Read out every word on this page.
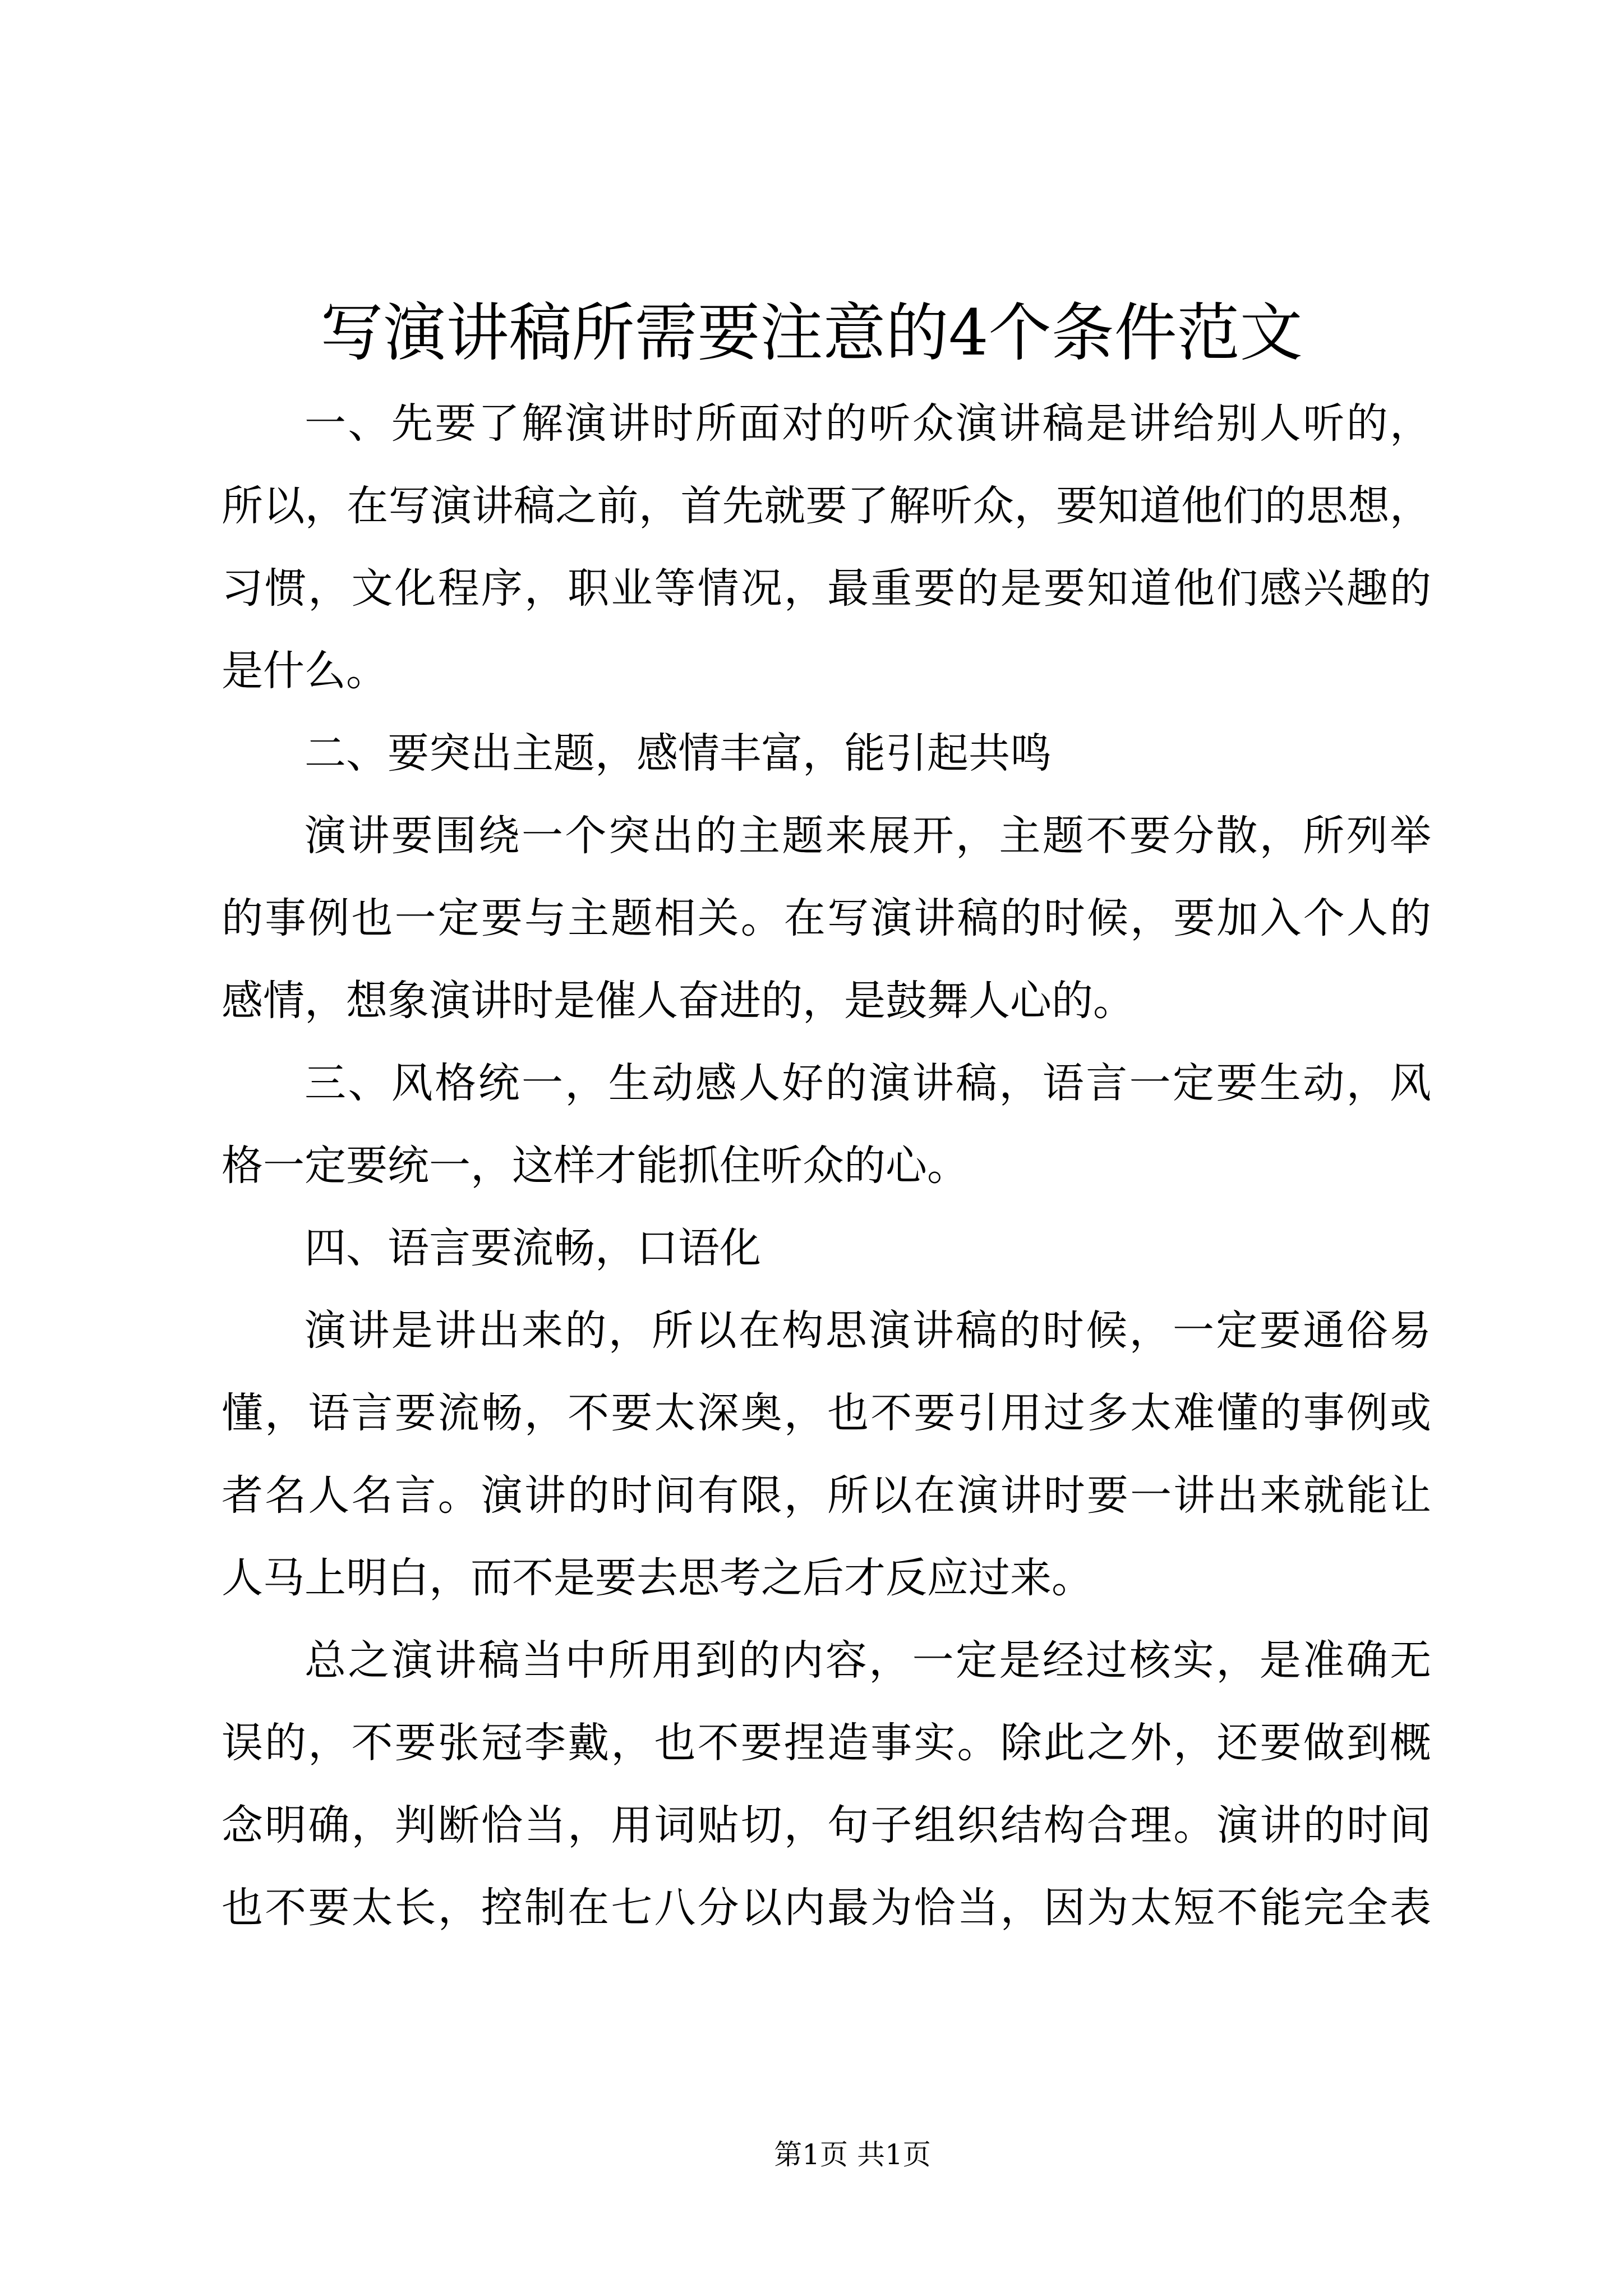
写演讲稿所需要注意的4个条件范文
一、先要了解演讲时所面对的听众演讲稿是讲给别人听的，
所以，在写演讲稿之前，首先就要了解听众，要知道他们的思想，
习惯，文化程序，职业等情况，最重要的是要知道他们感兴趣的
是什么。
二、要突出主题，感情丰富，能引起共鸣
演讲要围绕一个突出的主题来展开，主题不要分散，所列举
的事例也一定要与主题相关。在写演讲稿的时候，要加入个人的
感情，想象演讲时是催人奋进的，是鼓舞人心的。
三、风格统一，生动感人好的演讲稿，语言一定要生动，风
格一定要统一，这样才能抓住听众的心。
四、语言要流畅，口语化
演讲是讲出来的，所以在构思演讲稿的时候，一定要通俗易
懂，语言要流畅，不要太深奥，也不要引用过多太难懂的事例或
者名人名言。演讲的时间有限，所以在演讲时要一讲出来就能让
人马上明白，而不是要去思考之后才反应过来。
总之演讲稿当中所用到的内容，一定是经过核实，是准确无
误的，不要张冠李戴，也不要捏造事实。除此之外，还要做到概
念明确，判断恰当，用词贴切，句子组织结构合理。演讲的时间
也不要太长，控制在七八分以内最为恰当，因为太短不能完全表
第1页 共1页
